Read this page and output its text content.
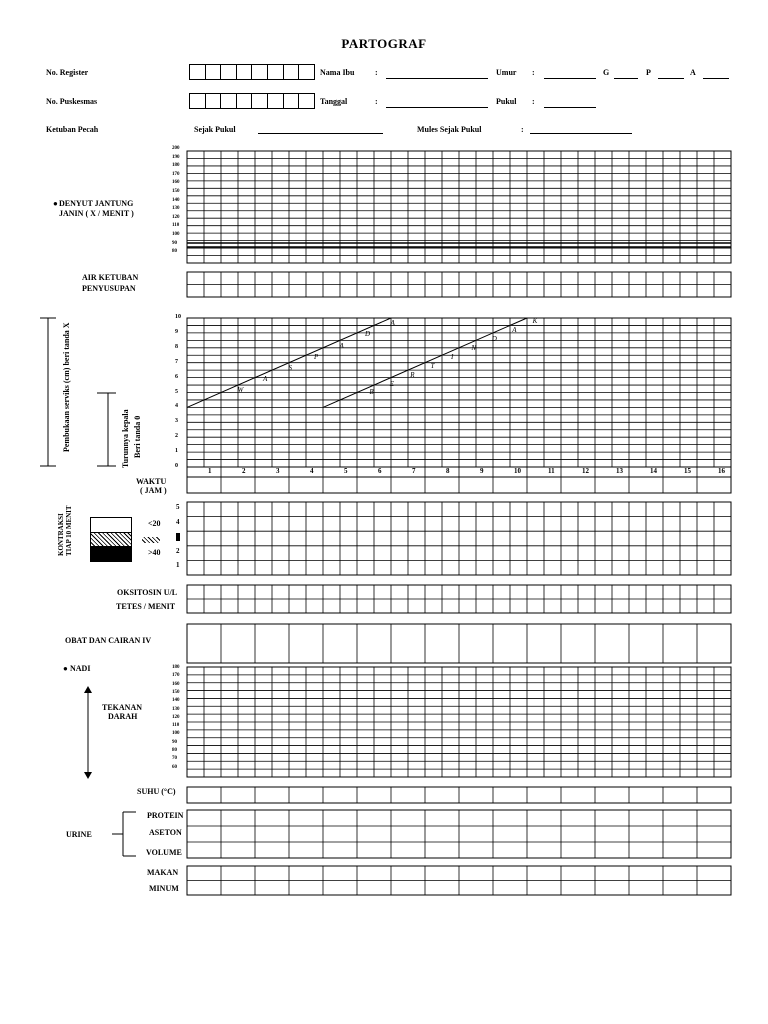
PARTOGRAF
No. Register	Nama Ibu	:	Umur :	G	P	A
No. Puskesmas	Tanggal	:	Pukul :
Ketuban Pecah	Sejak Pukul	Mules Sejak Pukul	:
● DENYUT JANTUNG JANIN ( X / MENIT )
200
190
180
170
160
150
140
130
120
110
100
90
80
AIR KETUBAN
PENYUSUPAN
Pembukaan serviks (cm) beri tanda X	Turunnya kepala Beri tanda 0
10
9
8
7
6
5
4
3
2
1
0
WAKTU
( JAM )
KONTRAKSI TIAP 10 MENIT	<20
>40
5
4
3
2
1
OKSITOSIN U/L
TETES / MENIT
OBAT DAN CAIRAN IV
● NADI
TEKANAN
DARAH
180
170
160
150
140
130
120
110
100
90
80
70
60
SUHU (°C)
URINE
PROTEIN
ASETON
VOLUME
MAKAN
MINUM
1	2	3	4	5	6	7	8	9	10	11	12	13	14	15	16
W
A
S
P
A
D
A
B
E
R
T
I
N
D
A
K
